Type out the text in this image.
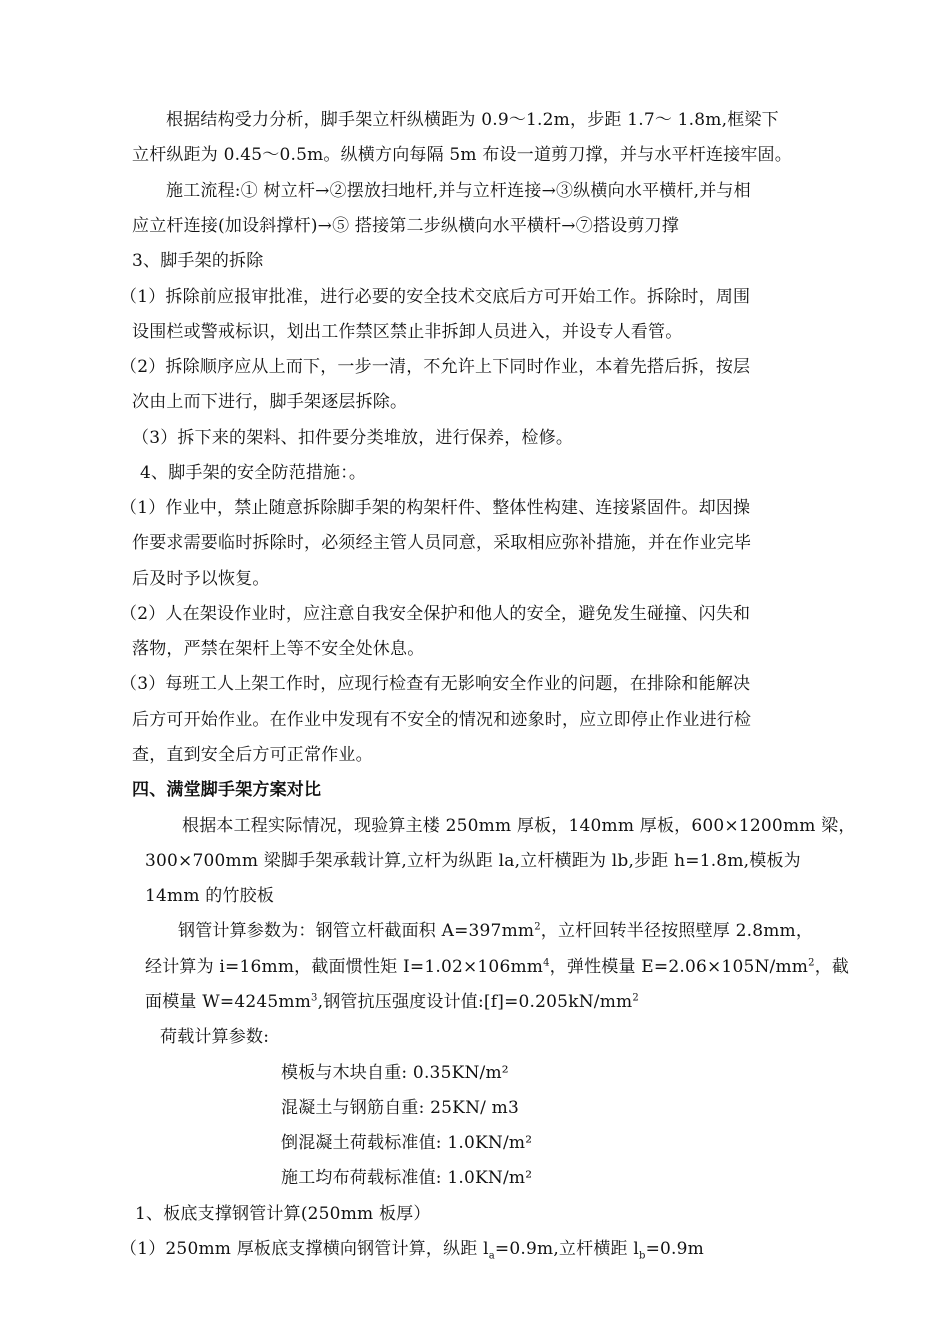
根据结构受力分析，脚手架立杆纵横距为 0.9～1.2m，步距 1.7～ 1.8m,框梁下
立杆纵距为 0.45～0.5m。纵横方向每隔 5m 布设一道剪刀撑，并与水平杆连接牢固。
施工流程:① 树立杆→②摆放扫地杆,并与立杆连接→③纵横向水平横杆,并与相
应立杆连接(加设斜撑杆)→⑤ 搭接第二步纵横向水平横杆→⑦搭设剪刀撑
3、脚手架的拆除
（1）拆除前应报审批准，进行必要的安全技术交底后方可开始工作。拆除时，周围
设围栏或警戒标识，划出工作禁区禁止非拆卸人员进入，并设专人看管。
（2）拆除顺序应从上而下，一步一清，不允许上下同时作业，本着先搭后拆，按层
次由上而下进行，脚手架逐层拆除。
（3）拆下来的架料、扣件要分类堆放，进行保养，检修。
4、脚手架的安全防范措施：。
（1）作业中，禁止随意拆除脚手架的构架杆件、整体性构建、连接紧固件。却因操
作要求需要临时拆除时，必须经主管人员同意，采取相应弥补措施，并在作业完毕
后及时予以恢复。
（2）人在架设作业时，应注意自我安全保护和他人的安全，避免发生碰撞、闪失和
落物，严禁在架杆上等不安全处休息。
（3）每班工人上架工作时，应现行检查有无影响安全作业的问题，在排除和能解决
后方可开始作业。在作业中发现有不安全的情况和迹象时，应立即停止作业进行检
查，直到安全后方可正常作业。
四、满堂脚手架方案对比
根据本工程实际情况，现验算主楼 250mm 厚板，140mm 厚板，600×1200mm 梁，
300×700mm 梁脚手架承载计算,立杆为纵距 la,立杆横距为 lb,步距 h=1.8m,模板为
14mm 的竹胶板
钢管计算参数为：钢管立杆截面积 $A=397mm^2$，立杆回转半径按照壁厚 2.8mm，
经计算为 i=16mm，截面惯性矩 $I=1.02\times 106mm^4$，弹性模量 $E=2.06\times 105N/mm^2$，截
面模量 $W=4245mm^3$,钢管抗压强度设计值$:[f]=0.205kN/mm^2$
荷载计算参数:
模板与木块自重: 0.35KN/m²
混凝土与钢筋自重: 25KN/ m3
倒混凝土荷载标准值: 1.0KN/m²
施工均布荷载标准值: 1.0KN/m²
1、板底支撑钢管计算(250mm 板厚）
（1）250mm 厚板底支撑横向钢管计算，纵距 $l_a=0.9m$,立杆横距 $l_b=0.9m$
